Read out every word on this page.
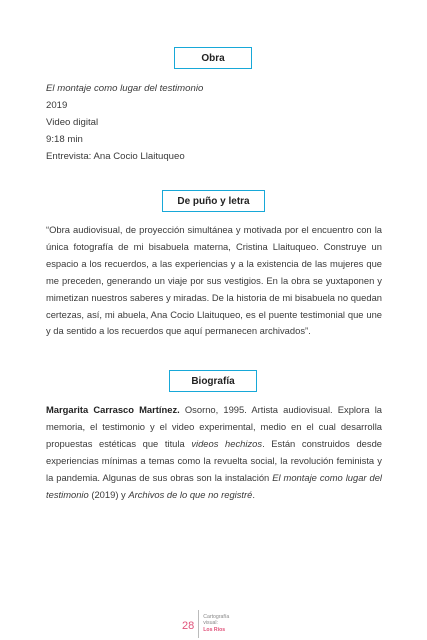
Obra
El montaje como lugar del testimonio
2019
Video digital
9:18 min
Entrevista: Ana Cocio Llaituqueo
De puño y letra
“Obra audiovisual, de proyección simultánea y motivada por el encuentro con la única fotografía de mi bisabuela materna, Cristina Llaituqueo. Construye un espacio a los recuerdos, a las experiencias y a la existencia de las mujeres que me preceden, generando un viaje por sus vestigios. En la obra se yuxtaponen y mimetizan nuestros saberes y miradas. De la historia de mi bisabuela no quedan certezas, así, mi abuela, Ana Cocio Llaituqueo, es el puente testimonial que une y da sentido a los recuerdos que aquí permanecen archivados”.
Biografía
Margarita Carrasco Martínez. Osorno, 1995. Artista audiovisual. Explora la memoria, el testimonio y el video experimental, medio en el cual desarrolla propuestas estéticas que titula videos hechizos. Están construidos desde experiencias mínimas a temas como la revuelta social, la revolución feminista y la pandemia. Algunas de sus obras son la instalación El montaje como lugar del testimonio (2019) y Archivos de lo que no registré.
28
Cartografía
visual:
Los Ríos
